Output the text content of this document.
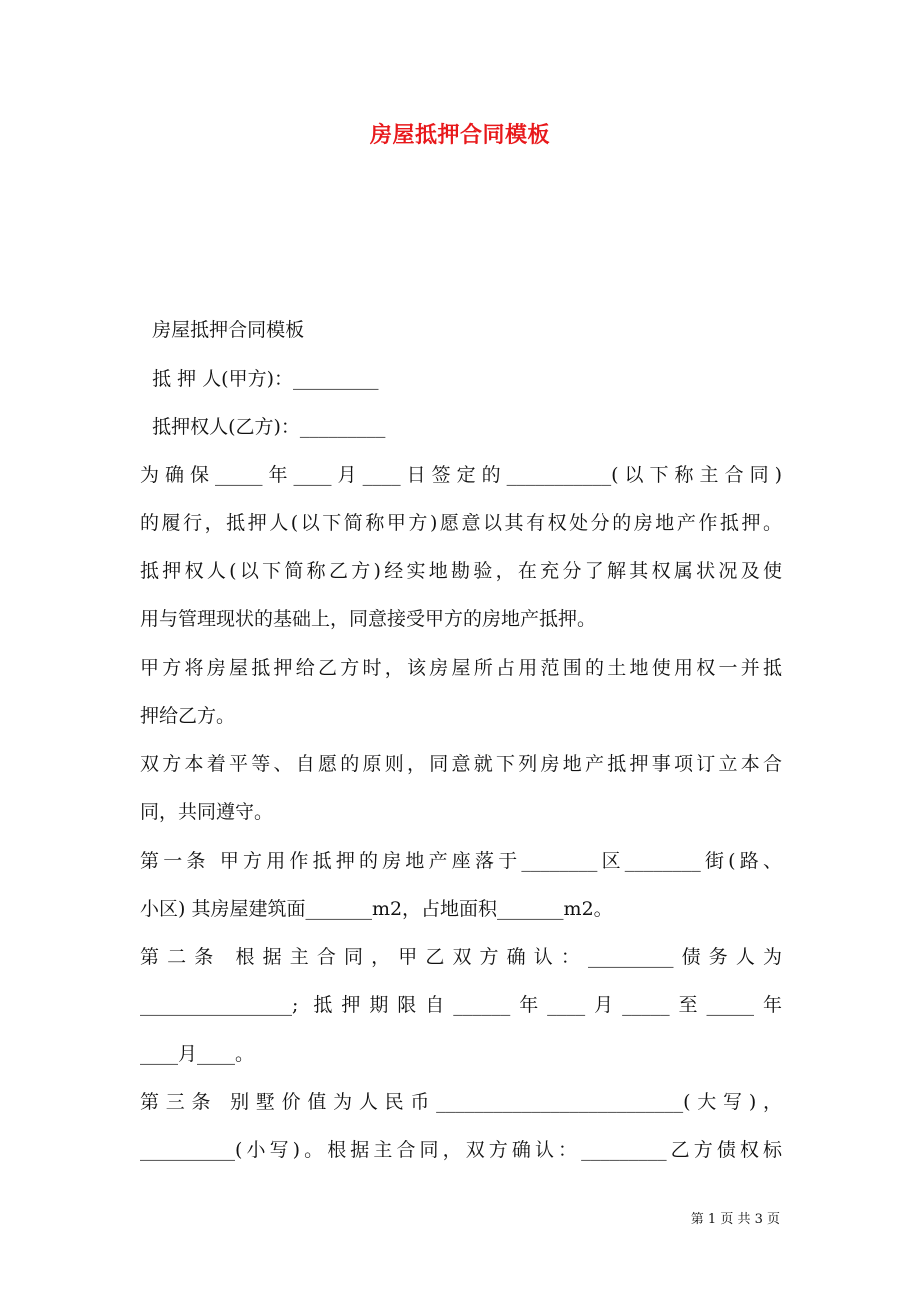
房屋抵押合同模板
房屋抵押合同模板
抵 押 人(甲方)：_________
抵押权人(乙方)：_________
为确保_____年____月____日签定的___________(以下称主合同)
的履行，抵押人(以下简称甲方)愿意以其有权处分的房地产作抵押。
抵押权人(以下简称乙方)经实地勘验，在充分了解其权属状况及使
用与管理现状的基础上，同意接受甲方的房地产抵押。
甲方将房屋抵押给乙方时，该房屋所占用范围的土地使用权一并抵
押给乙方。
双方本着平等、自愿的原则，同意就下列房地产抵押事项订立本合
同，共同遵守。
第一条 甲方用作抵押的房地产座落于________区________街(路、
小区) 其房屋建筑面_______m2，占地面积_______m2。
第二条 根据主合同，甲乙双方确认：_________债务人为
________________; 抵押期限自______年____月_____至_____年
____月____。
第三条 别墅价值为人民币__________________________(大写)，
__________(小写)。根据主合同，双方确认：_________乙方债权标
第 1 页 共 3 页
